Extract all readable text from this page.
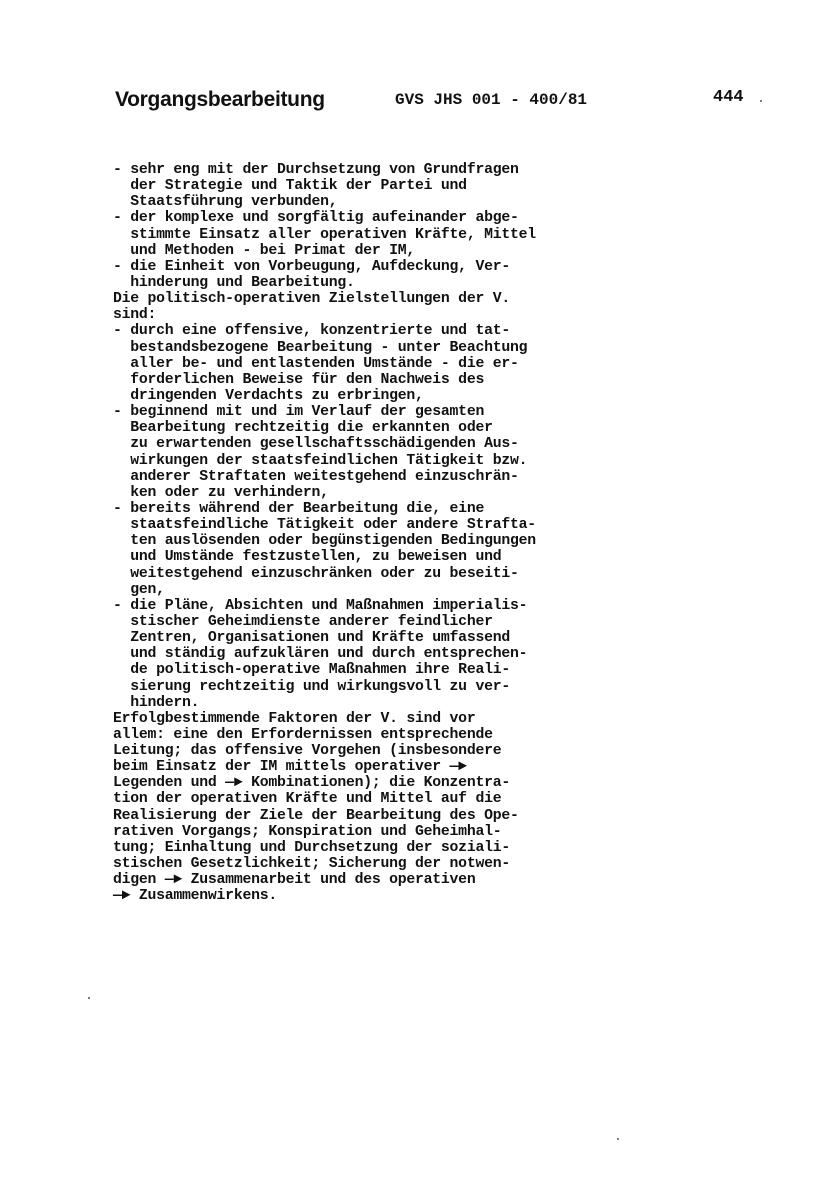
Vorgangsbearbeitung	GVS JHS 001 - 400/81	444
- sehr eng mit der Durchsetzung von Grundfragen
der Strategie und Taktik der Partei und
Staatsführung verbunden,
- der komplexe und sorgfältig aufeinander abge-
stimmte Einsatz aller operativen Kräfte, Mittel
und Methoden - bei Primat der IM,
- die Einheit von Vorbeugung, Aufdeckung, Ver-
hinderung und Bearbeitung.
Die politisch-operativen Zielstellungen der V.
sind:
- durch eine offensive, konzentrierte und tat-
bestandsbezogene Bearbeitung - unter Beachtung
aller be- und entlastenden Umstände - die er-
forderlichen Beweise für den Nachweis des
dringenden Verdachts zu erbringen,
- beginnend mit und im Verlauf der gesamten
Bearbeitung rechtzeitig die erkannten oder
zu erwartenden gesellschaftsschädigenden Aus-
wirkungen der staatsfeindlichen Tätigkeit bzw.
anderer Straftaten weitestgehend einzuschrän-
ken oder zu verhindern,
- bereits während der Bearbeitung die, eine
staatsfeindliche Tätigkeit oder andere Strafta-
ten auslösenden oder begünstigenden Bedingungen
und Umstände festzustellen, zu beweisen und
weitestgehend einzuschränken oder zu beseiti-
gen,
- die Pläne, Absichten und Maßnahmen imperialis-
stischer Geheimdienste anderer feindlicher
Zentren, Organisationen und Kräfte umfassend
und ständig aufzuklären und durch entsprechen-
de politisch-operative Maßnahmen ihre Reali-
sierung rechtzeitig und wirkungsvoll zu ver-
hindern.
Erfolgbestimmende Faktoren der V. sind vor
allem: eine den Erfordernissen entsprechende
Leitung; das offensive Vorgehen (insbesondere
beim Einsatz der IM mittels operativer —►
Legenden und —► Kombinationen); die Konzentra-
tion der operativen Kräfte und Mittel auf die
Realisierung der Ziele der Bearbeitung des Ope-
rativen Vorgangs; Konspiration und Geheimhal-
tung; Einhaltung und Durchsetzung der soziali-
stischen Gesetzlichkeit; Sicherung der notwen-
digen —► Zusammenarbeit und des operativen
—► Zusammenwirkens.
